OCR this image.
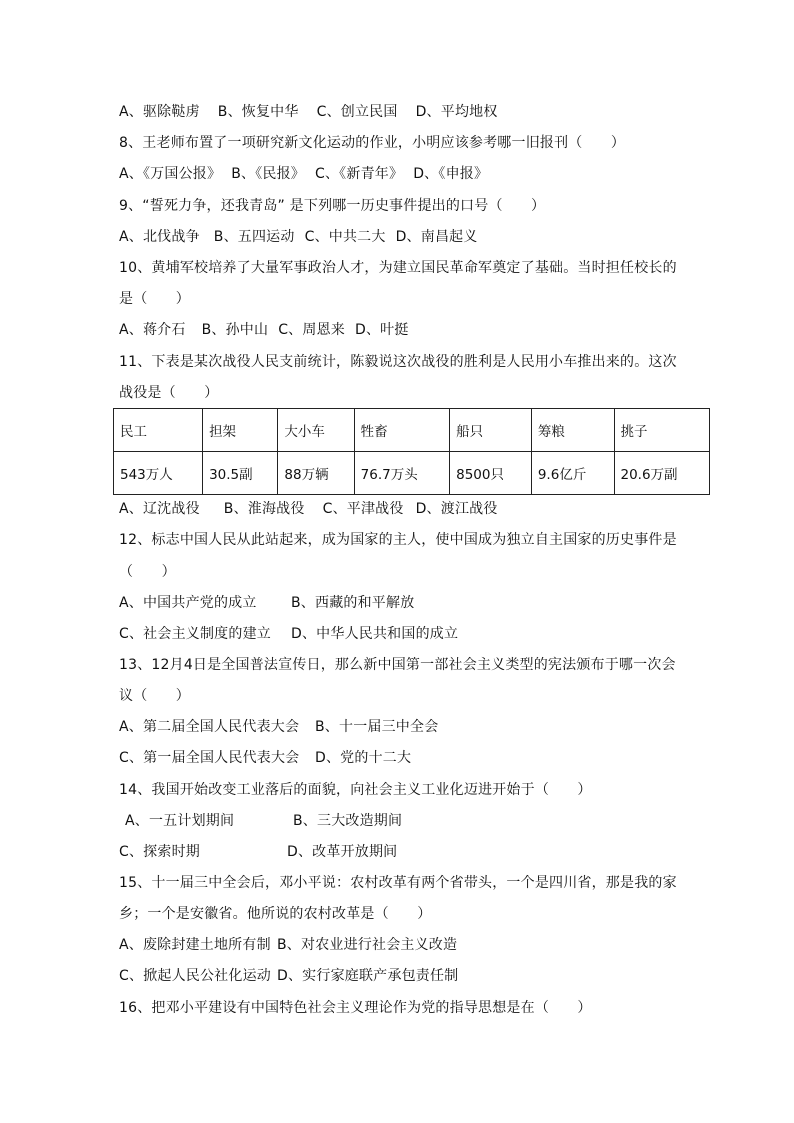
A、驱除鞑虏 B、恢复中华 C、创立民国 D、平均地权
8、王老师布置了一项研究新文化运动的作业，小明应该参考哪一旧报刊（　　）
A、《万国公报》 B、《民报》 C、《新青年》 D、《申报》
9、“誓死力争，还我青岛” 是下列哪一历史事件提出的口号（　　）
A、北伐战争 B、五四运动 C、中共二大 D、南昌起义
10、黄埔军校培养了大量军事政治人才，为建立国民革命军奠定了基础。当时担任校长的
是（　　）
A、蒋介石 B、孙中山 C、周恩来 D、叶挺
11、下表是某次战役人民支前统计，陈毅说这次战役的胜利是人民用小车推出来的。这次
战役是（　　）
民工	担架	大小车	牲畜	船只	筹粮	挑子
543万人	30.5副	88万辆	76.7万头	8500只	9.6亿斤	20.6万副
A、辽沈战役 B、淮海战役 C、平津战役 D、渡江战役
12、标志中国人民从此站起来，成为国家的主人，使中国成为独立自主国家的历史事件是
（　　）
A、中国共产党的成立 B、西藏的和平解放
C、社会主义制度的建立 D、中华人民共和国的成立
13、12月4日是全国普法宣传日，那么新中国第一部社会主义类型的宪法颁布于哪一次会
议（　　）
A、第二届全国人民代表大会 B、十一届三中全会
C、第一届全国人民代表大会 D、党的十二大
14、我国开始改变工业落后的面貌，向社会主义工业化迈进开始于（　　）
A、一五计划期间	B、三大改造期间
C、探索时期	D、改革开放期间
15、十一届三中全会后，邓小平说：农村改革有两个省带头，一个是四川省，那是我的家
乡；一个是安徽省。他所说的农村改革是（　　）
A、废除封建土地所有制 B、对农业进行社会主义改造
C、掀起人民公社化运动 D、实行家庭联产承包责任制
16、把邓小平建设有中国特色社会主义理论作为党的指导思想是在（　　）
